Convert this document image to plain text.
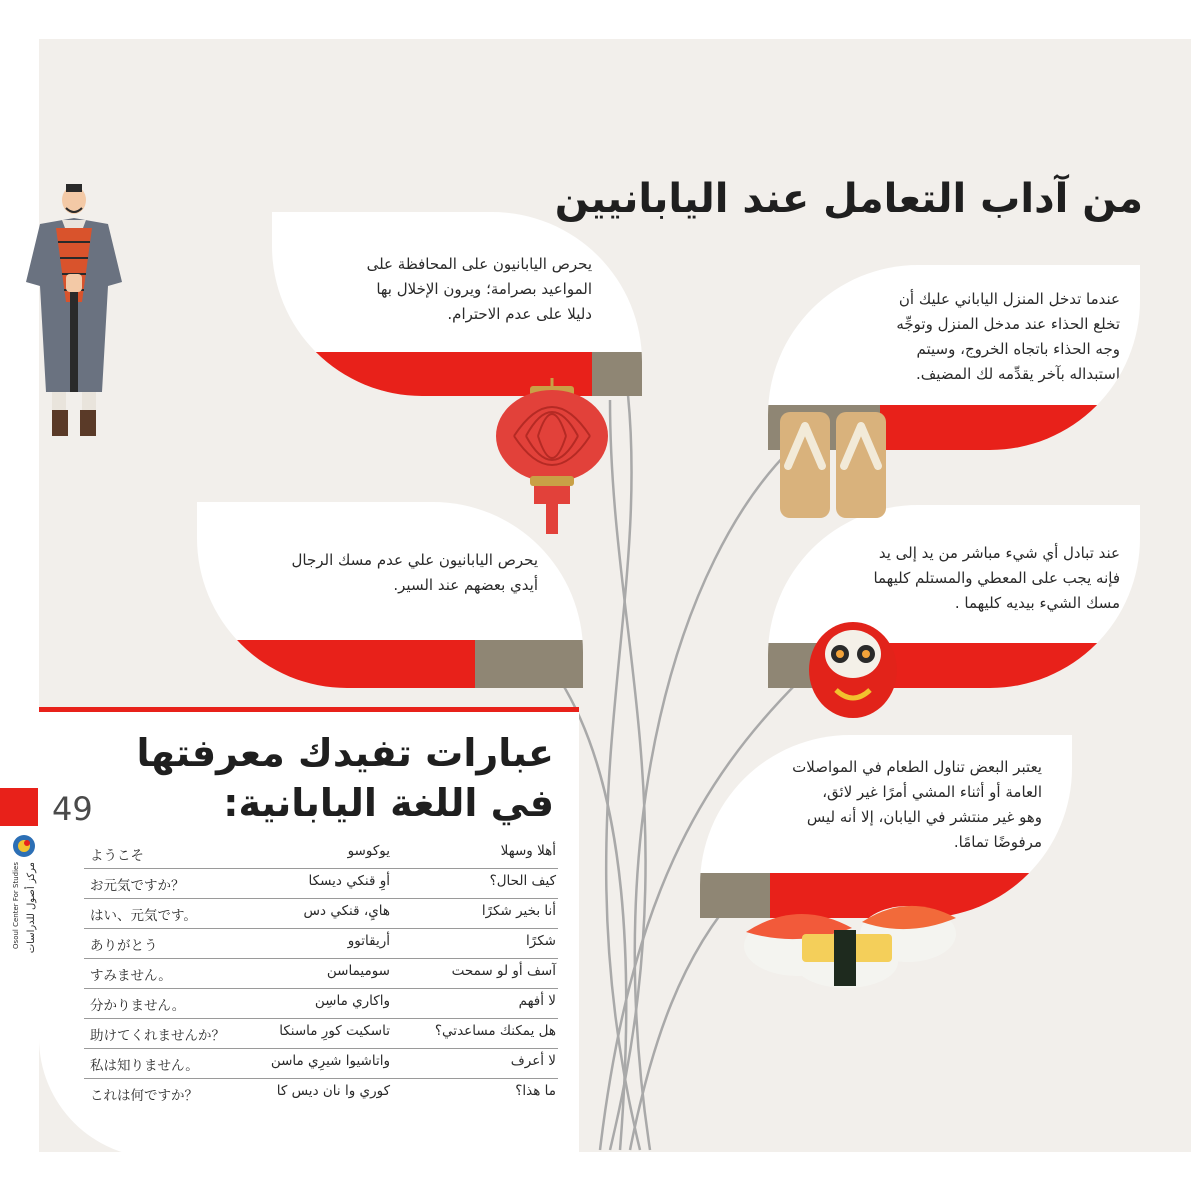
من آداب التعامل عند اليابانيين
يحرص اليابانيون على المحافظة على
المواعيد بصرامة؛ ويرون الإخلال بها
دليلا على عدم الاحترام.
عندما تدخل المنزل الياباني عليك أن
تخلع الحذاء عند مدخل المنزل وتوجِّه
وجه الحذاء باتجاه الخروج، وسيتم
استبداله بآخر يقدِّمه لك المضيف.
يحرص اليابانيون علي عدم مسك الرجال
أيدي بعضهم عند السير.
عند تبادل أي شيء مباشر من يد إلى يد
فإنه يجب على المعطي والمستلم كليهما
مسك الشيء بيديه كليهما .
يعتبر البعض تناول الطعام في المواصلات
العامة أو أثناء المشي أمرًا غير لائق،
وهو غير منتشر في اليابان، إلا أنه ليس
مرفوضًا تمامًا.
عبارات تفيدك معرفتها في اللغة اليابانية:
49
مركز أصول للدراسات
Osoul Center For Studies
ようこそ	يوكوسو	أهلا وسهلا
お元気ですか？	أوِ قنكي ديسكا	كيف الحال؟
はい、元気です。	هايِ، قنكي دس	أنا بخير شكرًا
ありがとう	أريقاتوو	شكرًا
すみません。	سوميماسن	آسف أو لو سمحت
分かりません。	واكاري ماسِن	لا أفهم
助けてくれませんか？	تاسكيت كورِ ماسنكا	هل يمكنك مساعدتي؟
私は知りません。	واتاشيوا شيرِي ماسن	لا أعرف
これは何ですか？	كوري وا نان ديس كا	ما هذا؟
